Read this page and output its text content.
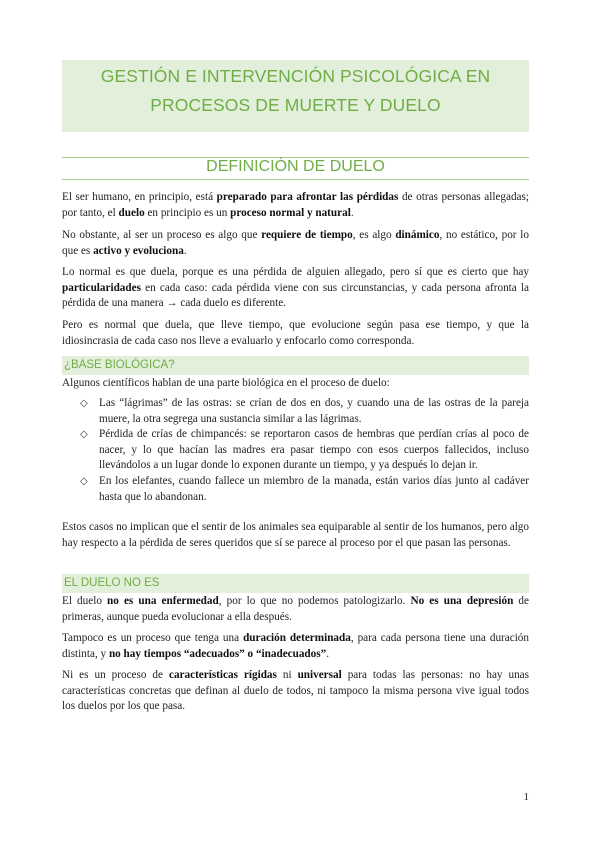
GESTIÓN E INTERVENCIÓN PSICOLÓGICA EN
PROCESOS DE MUERTE Y DUELO
DEFINICIÓN DE DUELO
El ser humano, en principio, está preparado para afrontar las pérdidas de otras personas allegadas; por tanto, el duelo en principio es un proceso normal y natural.
No obstante, al ser un proceso es algo que requiere de tiempo, es algo dinámico, no estático, por lo que es activo y evoluciona.
Lo normal es que duela, porque es una pérdida de alguien allegado, pero sí que es cierto que hay particularidades en cada caso: cada pérdida viene con sus circunstancias, y cada persona afronta la pérdida de una manera → cada duelo es diferente.
Pero es normal que duela, que lleve tiempo, que evolucione según pasa ese tiempo, y que la idiosincrasia de cada caso nos lleve a evaluarlo y enfocarlo como corresponda.
¿BASE BIOLÓGICA?
Algunos científicos hablan de una parte biológica en el proceso de duelo:
◇ Las “lágrimas” de las ostras: se crían de dos en dos, y cuando una de las ostras de la pareja muere, la otra segrega una sustancia similar a las lágrimas.
◇ Pérdida de crías de chimpancés: se reportaron casos de hembras que perdían crías al poco de nacer, y lo que hacían las madres era pasar tiempo con esos cuerpos fallecidos, incluso llevándolos a un lugar donde lo exponen durante un tiempo, y ya después lo dejan ir.
◇ En los elefantes, cuando fallece un miembro de la manada, están varios días junto al cadáver hasta que lo abandonan.
Estos casos no implican que el sentir de los animales sea equiparable al sentir de los humanos, pero algo hay respecto a la pérdida de seres queridos que sí se parece al proceso por el que pasan las personas.
EL DUELO NO ES
El duelo no es una enfermedad, por lo que no podemos patologizarlo. No es una depresión de primeras, aunque pueda evolucionar a ella después.
Tampoco es un proceso que tenga una duración determinada, para cada persona tiene una duración distinta, y no hay tiempos “adecuados” o “inadecuados”.
Ni es un proceso de características rígidas ni universal para todas las personas: no hay unas características concretas que definan al duelo de todos, ni tampoco la misma persona vive igual todos los duelos por los que pasa.
1
